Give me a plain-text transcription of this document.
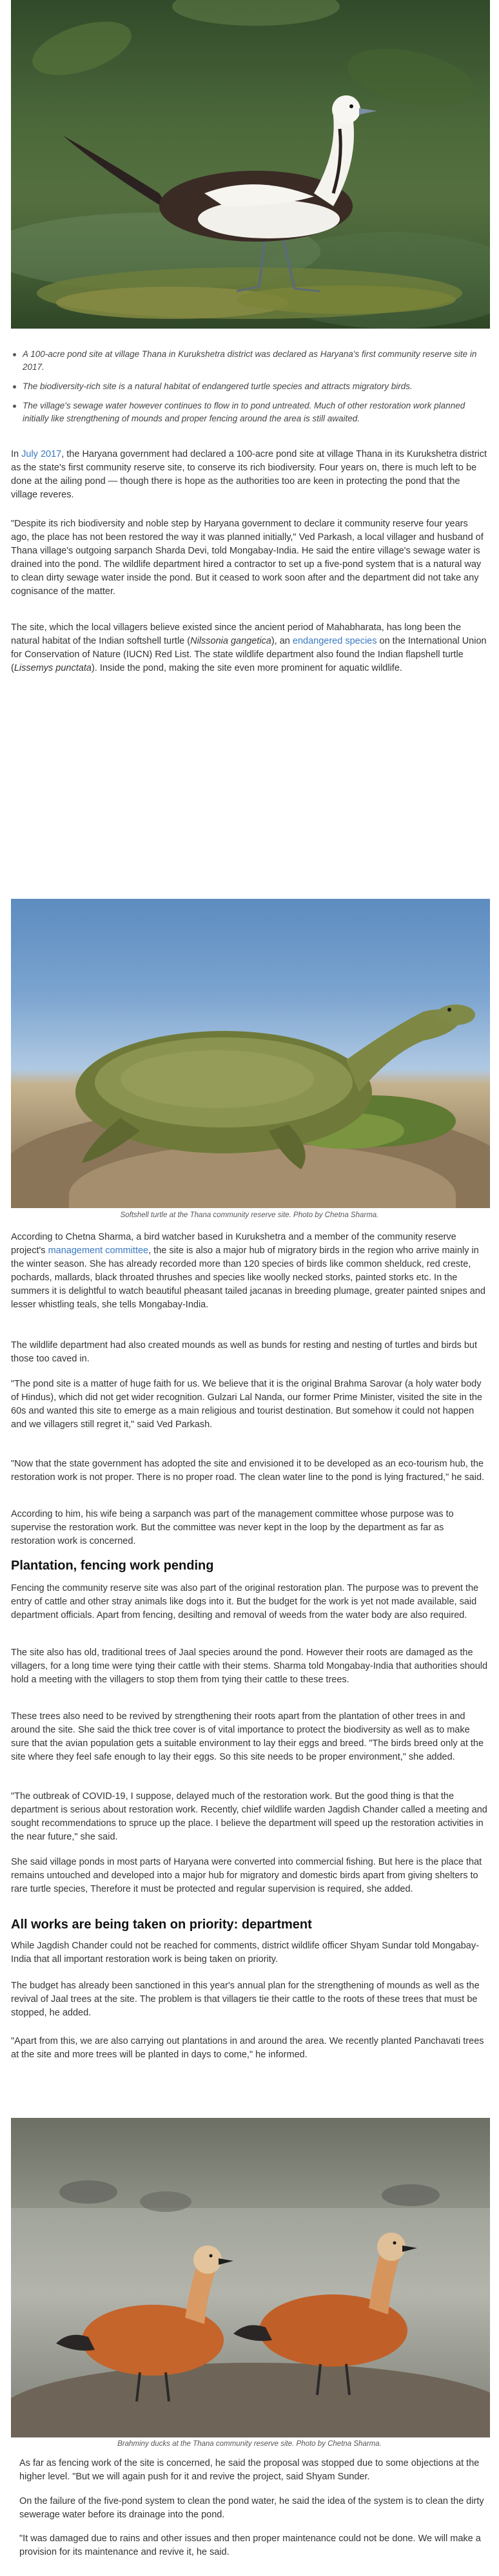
A 100-acre pond site at village Thana in Kurukshetra district was declared as Haryana's first community reserve site in 2017.
The biodiversity-rich site is a natural habitat of endangered turtle species and attracts migratory birds.
The village's sewage water however continues to flow in to pond untreated. Much of other restoration work planned initially like strengthening of mounds and proper fencing around the area is still awaited.

In July 2017, the Haryana government had declared a 100-acre pond site at village Thana in its Kurukshetra district as the state's first community reserve site, to conserve its rich biodiversity. Four years on, there is much left to be done at the ailing pond — though there is hope as the authorities too are keen in protecting the pond that the village reveres.

"Despite its rich biodiversity and noble step by Haryana government to declare it community reserve four years ago, the place has not been restored the way it was planned initially," Ved Parkash, a local villager and husband of Thana village's outgoing sarpanch Sharda Devi, told Mongabay-India. He said the entire village's sewage water is drained into the pond. The wildlife department hired a contractor to set up a five-pond system that is a natural way to clean dirty sewage water inside the pond. But it ceased to work soon after and the department did not take any cognisance of the matter.

The site, which the local villagers believe existed since the ancient period of Mahabharata, has long been the natural habitat of the Indian softshell turtle (Nilssonia gangetica), an endangered species on the International Union for Conservation of Nature (IUCN) Red List. The state wildlife department also found the Indian flapshell turtle (Lissemys punctata). Inside the pond, making the site even more prominent for aquatic wildlife.

Softshell turtle at the Thana community reserve site. Photo by Chetna Sharma.

According to Chetna Sharma, a bird watcher based in Kurukshetra and a member of the community reserve project's management committee, the site is also a major hub of migratory birds in the region who arrive mainly in the winter season. She has already recorded more than 120 species of birds like common shelduck, red creste, pochards, mallards, black throated thrushes and species like woolly necked storks, painted storks etc. In the summers it is delightful to watch beautiful pheasant tailed jacanas in breeding plumage, greater painted snipes and lesser whistling teals, she tells Mongabay-India.

The wildlife department had also created mounds as well as bunds for resting and nesting of turtles and birds but those too caved in.

"The pond site is a matter of huge faith for us. We believe that it is the original Brahma Sarovar (a holy water body of Hindus), which did not get wider recognition. Gulzari Lal Nanda, our former Prime Minister, visited the site in the 60s and wanted this site to emerge as a main religious and tourist destination. But somehow it could not happen and we villagers still regret it," said Ved Parkash.

"Now that the state government has adopted the site and envisioned it to be developed as an eco-tourism hub, the restoration work is not proper. There is no proper road. The clean water line to the pond is lying fractured," he said.

According to him, his wife being a sarpanch was part of the management committee whose purpose was to supervise the restoration work. But the committee was never kept in the loop by the department as far as restoration work is concerned.

Plantation, fencing work pending

Fencing the community reserve site was also part of the original restoration plan. The purpose was to prevent the entry of cattle and other stray animals like dogs into it. But the budget for the work is yet not made available, said department officials. Apart from fencing, desilting and removal of weeds from the water body are also required.

The site also has old, traditional trees of Jaal species around the pond. However their roots are damaged as the villagers, for a long time were tying their cattle with their stems. Sharma told Mongabay-India that authorities should hold a meeting with the villagers to stop them from tying their cattle to these trees.

These trees also need to be revived by strengthening their roots apart from the plantation of other trees in and around the site. She said the thick tree cover is of vital importance to protect the biodiversity as well as to make sure that the avian population gets a suitable environment to lay their eggs and breed. "The birds breed only at the site where they feel safe enough to lay their eggs. So this site needs to be proper environment," she added.

"The outbreak of COVID-19, I suppose, delayed much of the restoration work. But the good thing is that the department is serious about restoration work. Recently, chief wildlife warden Jagdish Chander called a meeting and sought recommendations to spruce up the place. I believe the department will speed up the restoration activities in the near future," she said.

She said village ponds in most parts of Haryana were converted into commercial fishing. But here is the place that remains untouched and developed into a major hub for migratory and domestic birds apart from giving shelters to rare turtle species, Therefore it must be protected and regular supervision is required, she added.

All works are being taken on priority: department

While Jagdish Chander could not be reached for comments, district wildlife officer Shyam Sundar told Mongabay-India that all important restoration work is being taken on priority.

The budget has already been sanctioned in this year's annual plan for the strengthening of mounds as well as the revival of Jaal trees at the site. The problem is that villagers tie their cattle to the roots of these trees that must be stopped, he added.

"Apart from this, we are also carrying out plantations in and around the area. We recently planted Panchavati trees at the site and more trees will be planted in days to come," he informed.

Brahminy ducks at the Thana community reserve site. Photo by Chetna Sharma.

As far as fencing work of the site is concerned, he said the proposal was stopped due to some objections at the higher level. "But we will again push for it and revive the project, said Shyam Sunder.

On the failure of the five-pond system to clean the pond water, he said the idea of the system is to clean the dirty sewerage water before its drainage into the pond.

"It was damaged due to rains and other issues and then proper maintenance could not be done. We will make a provision for its maintenance and revive it, he said.
